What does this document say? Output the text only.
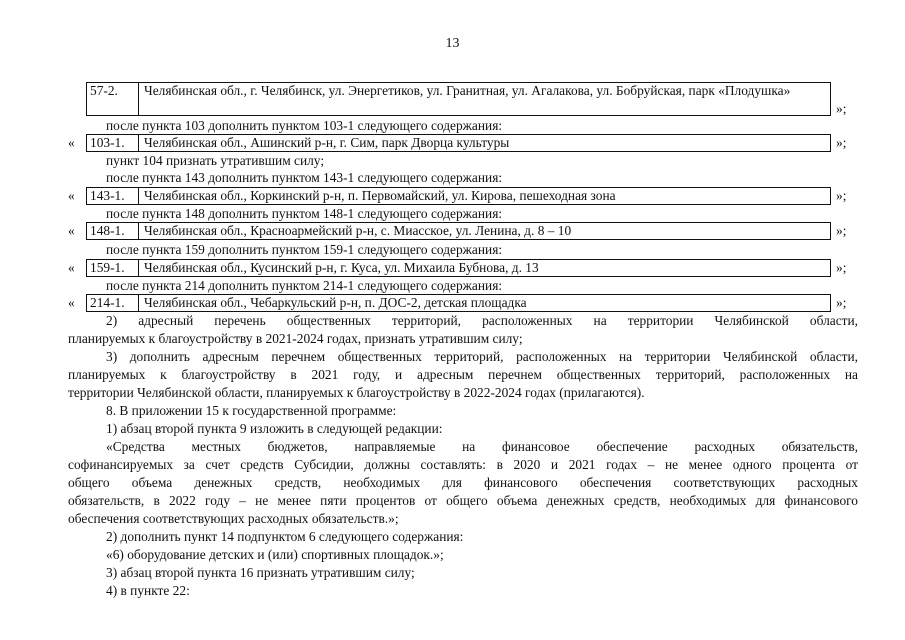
13
57-2.	Челябинская обл., г. Челябинск, ул. Энергетиков, ул. Гранитная, ул. Агалакова, ул. Бобруйская, парк «Плодушка»
»;
после пункта 103 дополнить пунктом 103-1 следующего содержания:
« 103-1.	Челябинская обл., Ашинский р-н, г. Сим, парк Дворца культуры	»;
пункт 104 признать утратившим силу;
после пункта 143 дополнить пунктом 143-1 следующего содержания:
« 143-1.	Челябинская обл., Коркинский р-н, п. Первомайский, ул. Кирова, пешеходная зона	»;
после пункта 148 дополнить пунктом 148-1 следующего содержания:
« 148-1.	Челябинская обл., Красноармейский р-н, с. Миасское, ул. Ленина, д. 8 – 10	»;
после пункта 159 дополнить пунктом 159-1 следующего содержания:
« 159-1.	Челябинская обл., Кусинский р-н, г. Куса, ул. Михаила Бубнова, д. 13	»;
после пункта 214 дополнить пунктом 214-1 следующего содержания:
« 214-1.	Челябинская обл., Чебаркульский р-н, п. ДОС-2, детская площадка	»;
2) адресный перечень общественных территорий, расположенных на территории Челябинской области,
планируемых к благоустройству в 2021-2024 годах, признать утратившим силу;
3) дополнить адресным перечнем общественных территорий, расположенных на территории Челябинской области,
планируемых к благоустройству в 2021 году, и адресным перечнем общественных территорий, расположенных на
территории Челябинской области, планируемых к благоустройству в 2022-2024 годах (прилагаются).
8. В приложении 15 к государственной программе:
1) абзац второй пункта 9 изложить в следующей редакции:
«Средства местных бюджетов, направляемые на финансовое обеспечение расходных обязательств,
софинансируемых за счет средств Субсидии, должны составлять: в 2020 и 2021 годах – не менее одного процента от
общего объема денежных средств, необходимых для финансового обеспечения соответствующих расходных
обязательств, в 2022 году – не менее пяти процентов от общего объема денежных средств, необходимых для финансового
обеспечения соответствующих расходных обязательств.»;
2) дополнить пункт 14 подпунктом 6 следующего содержания:
«6) оборудование детских и (или) спортивных площадок.»;
3) абзац второй пункта 16 признать утратившим силу;
4) в пункте 22:
